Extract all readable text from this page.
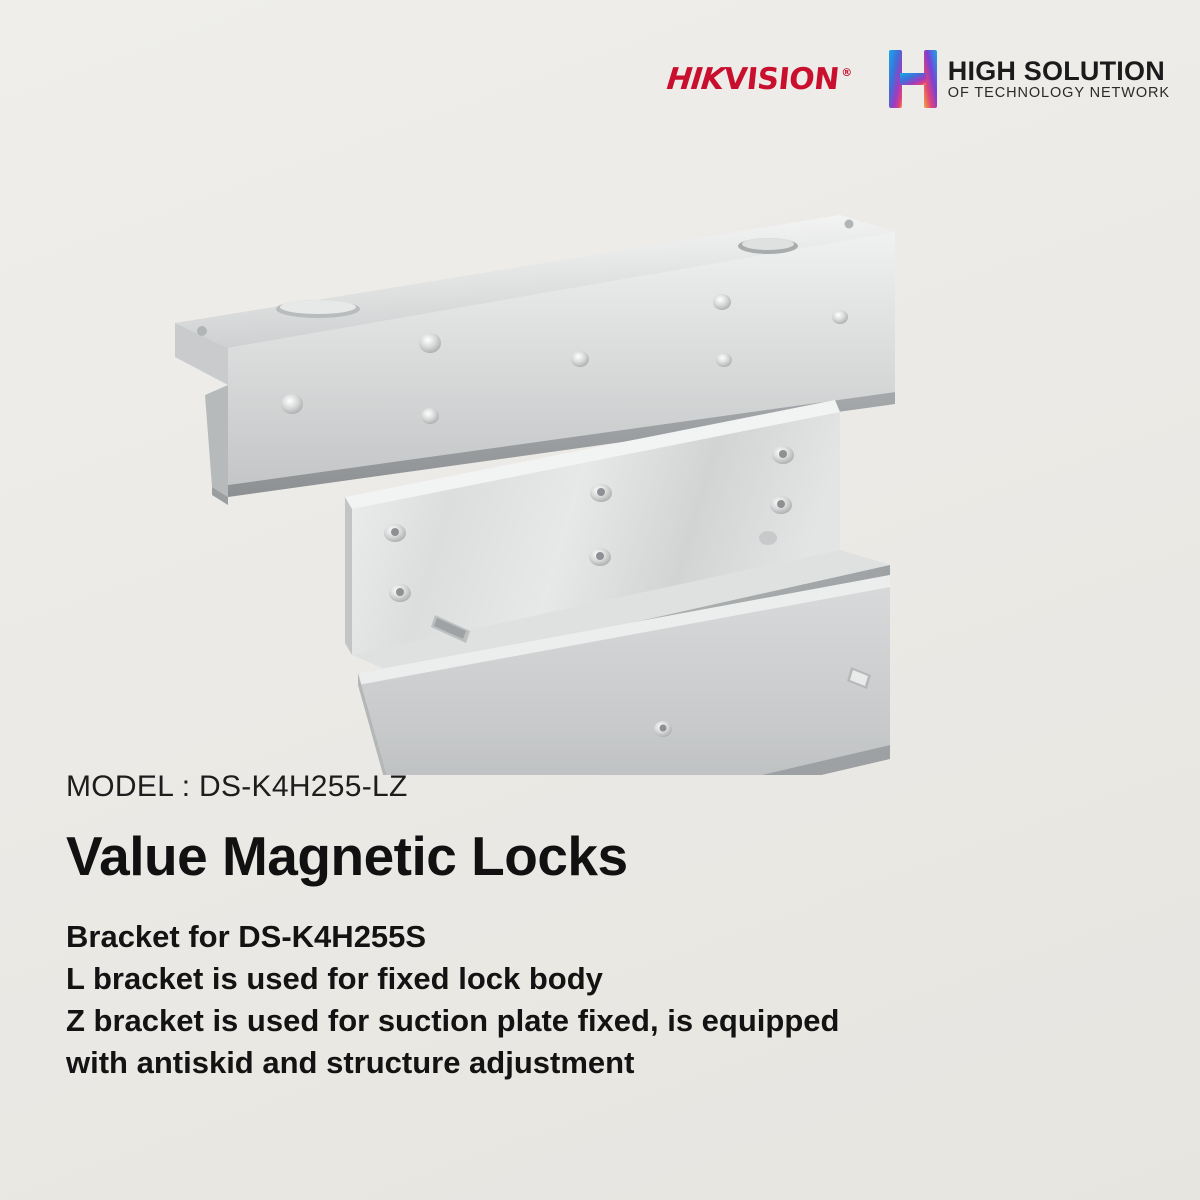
HIK
VISION ®	HIGH SOLUTION
OF TECHNOLOGY NETWORK
MODEL : DS-K4H255-LZ
Value Magnetic Locks
Bracket for DS-K4H255S
L bracket is used for fixed lock body
Z bracket is used for suction plate fixed, is equipped
with antiskid and structure adjustment
